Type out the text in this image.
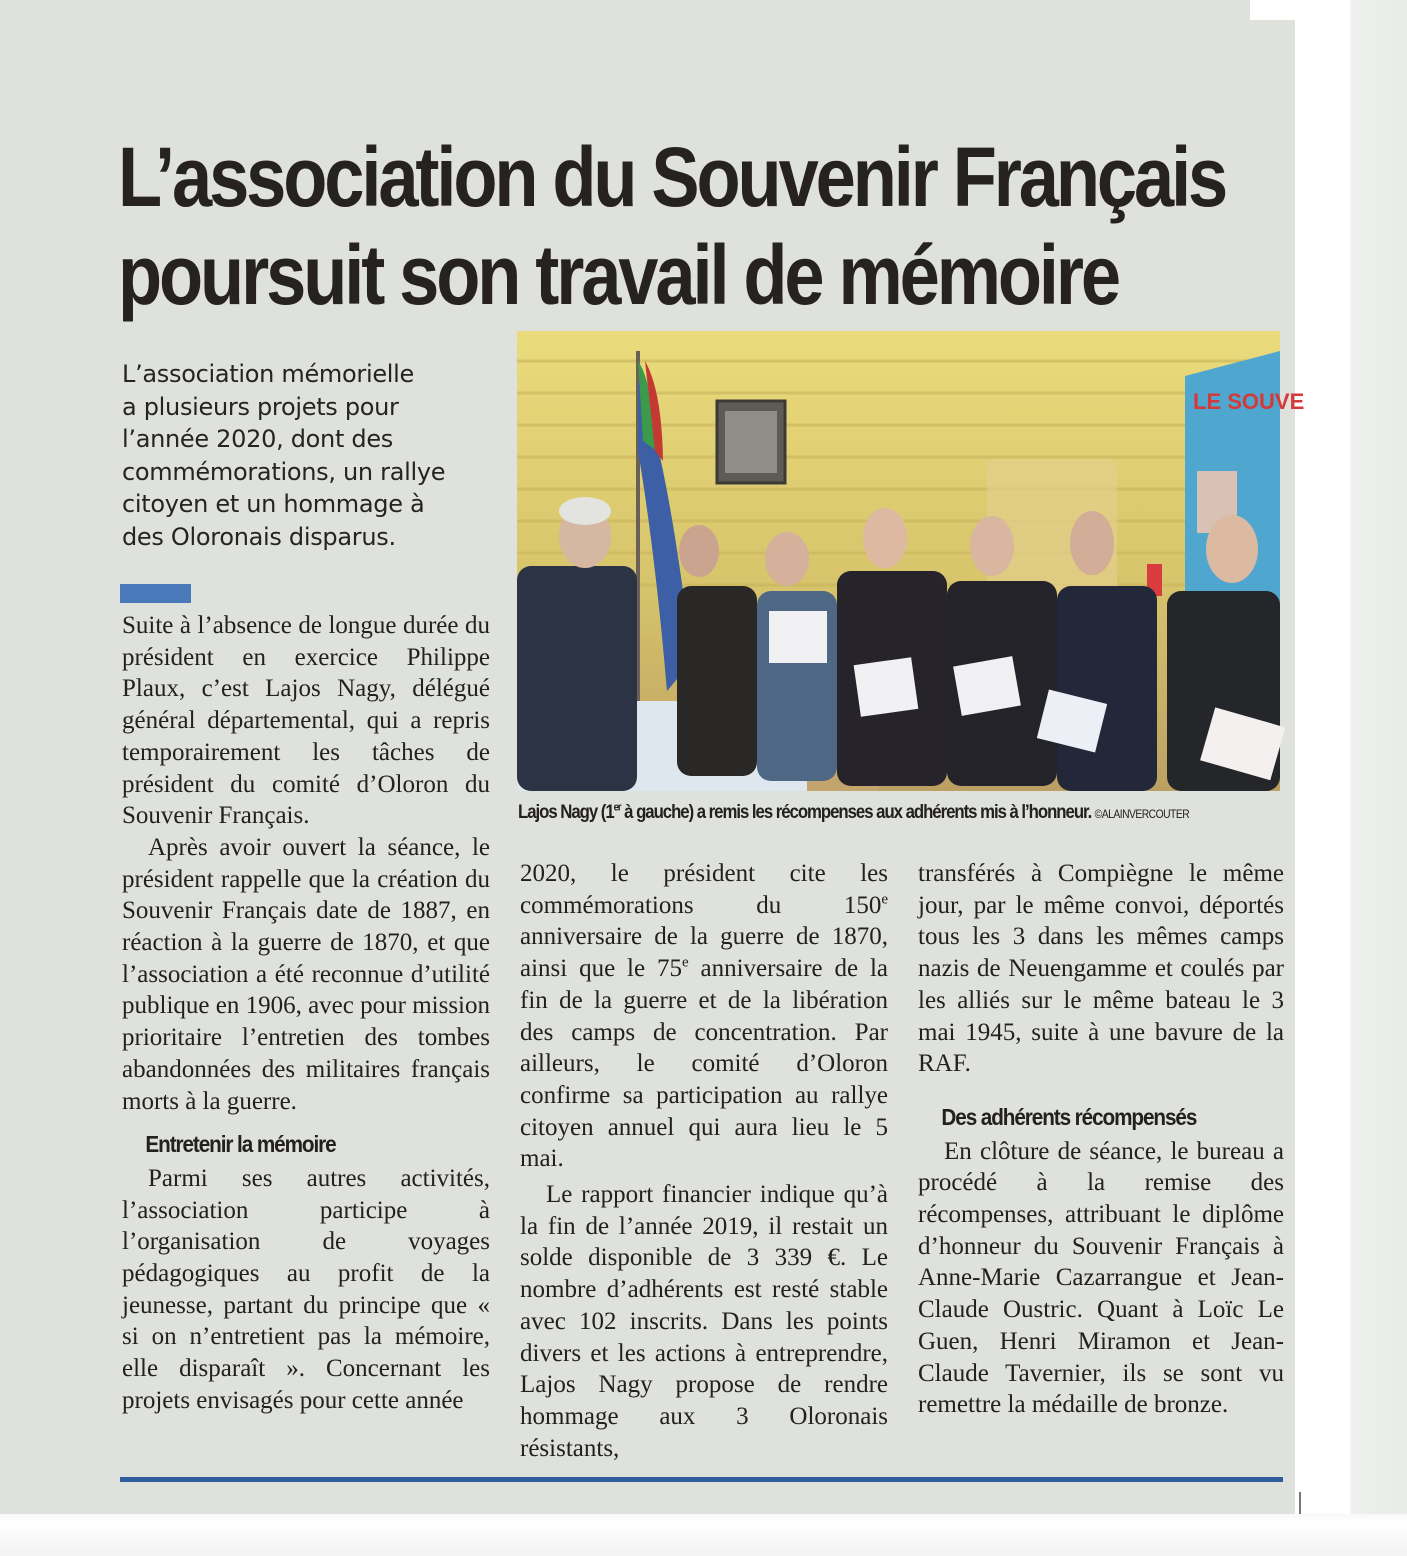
L’association du Souvenir Français
poursuit son travail de mémoire
L’association mémorielle
a plusieurs projets pour
l’année 2020, dont des
commémorations, un rallye
citoyen et un hommage à
des Oloronais disparus.
LE SOUVE
Lajos Nagy (1er à gauche) a remis les récompenses aux adhérents mis à l’honneur. ©ALAINVERCOUTER

Suite à l’absence de longue durée du président en exercice Philippe Plaux, c’est Lajos Nagy, délégué général départemental, qui a repris temporairement les tâches de président du comité d’Oloron du Souvenir Français.

Après avoir ouvert la séance, le président rappelle que la création du Souvenir Français date de 1887, en réaction à la guerre de 1870, et que l’association a été reconnue d’utilité publique en 1906, avec pour mission prioritaire l’entretien des tombes abandonnées des militaires français morts à la guerre.

Entretenir la mémoire

Parmi ses autres activités, l’association participe à l’organisation de voyages pédagogiques au profit de la jeunesse, partant du principe que « si on n’entretient pas la mémoire, elle disparaît ». Concernant les projets envisagés pour cette année

2020, le président cite les commémorations du 150e anniversaire de la guerre de 1870, ainsi que le 75e anniversaire de la fin de la guerre et de la libération des camps de concentration. Par ailleurs, le comité d’Oloron confirme sa participation au rallye citoyen annuel qui aura lieu le 5 mai.

Le rapport financier indique qu’à la fin de l’année 2019, il restait un solde disponible de 3 339 €. Le nombre d’adhérents est resté stable avec 102 inscrits. Dans les points divers et les actions à entreprendre, Lajos Nagy propose de rendre hommage aux 3 Oloronais résistants,

transférés à Compiègne le même jour, par le même convoi, déportés tous les 3 dans les mêmes camps nazis de Neuengamme et coulés par les alliés sur le même bateau le 3 mai 1945, suite à une bavure de la RAF.

Des adhérents récompensés

En clôture de séance, le bureau a procédé à la remise des récompenses, attribuant le diplôme d’honneur du Souvenir Français à Anne-Marie Cazarrangue et Jean-Claude Oustric. Quant à Loïc Le Guen, Henri Miramon et Jean-Claude Tavernier, ils se sont vu remettre la médaille de bronze.
